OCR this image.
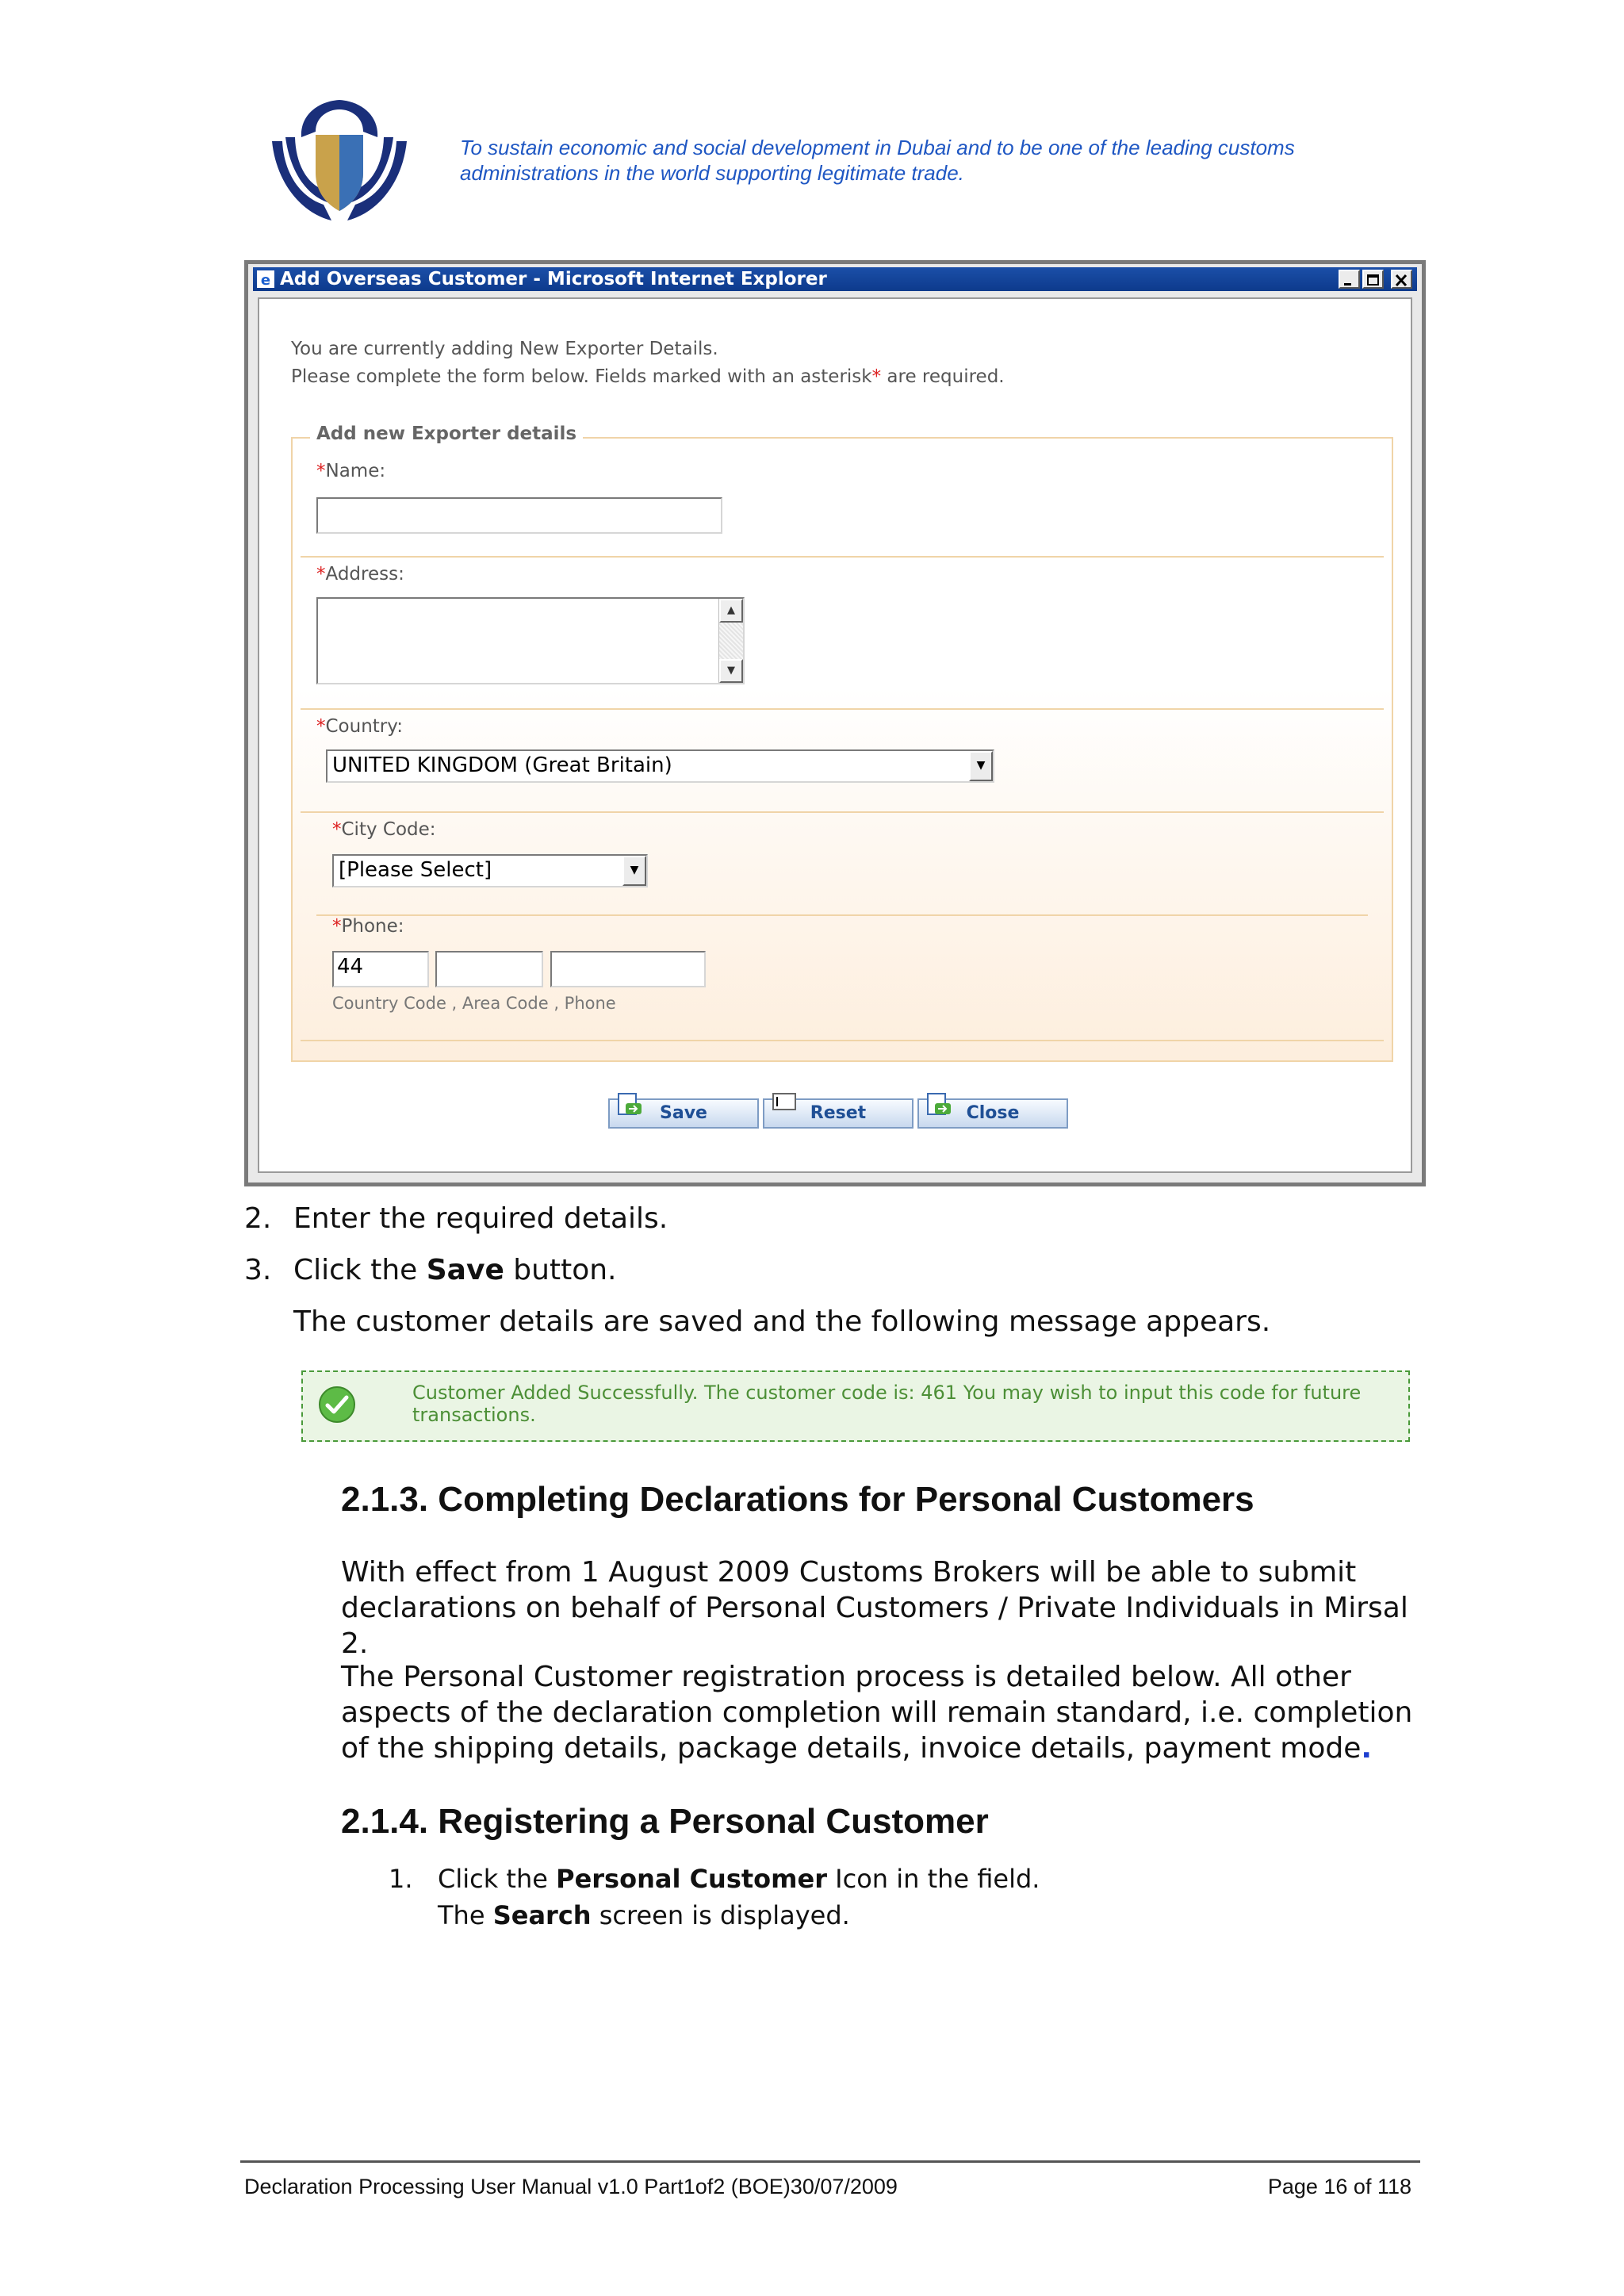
To sustain economic and social development in Dubai and to be one of the leading customs
administrations in the world supporting legitimate trade.
e Add Overseas Customer - Microsoft Internet Explorer
You are currently adding New Exporter Details.
Please complete the form below. Fields marked with an asterisk* are required.
Add new Exporter details
*Name:
*Address:
▲
▼
*Country:
UNITED KINGDOM (Great Britain)	▼
*City Code:
[Please Select]	▼
*Phone:
44
Country Code , Area Code , Phone
Save	Reset	Close
2. Enter the required details.
3. Click the Save button.
The customer details are saved and the following message appears.
Customer Added Successfully. The customer code is: 461 You may wish to input this code for future transactions.
2.1.3. Completing Declarations for Personal Customers
With effect from 1 August 2009 Customs Brokers will be able to submit declarations on behalf of Personal Customers / Private Individuals in Mirsal 2.
The Personal Customer registration process is detailed below. All other aspects of the declaration completion will remain standard, i.e. completion of the shipping details, package details, invoice details, payment mode.
2.1.4. Registering a Personal Customer
1. Click the Personal Customer Icon in the field.
The Search screen is displayed.
Declaration Processing User Manual v1.0 Part1of2 (BOE)30/07/2009	Page 16 of 118
